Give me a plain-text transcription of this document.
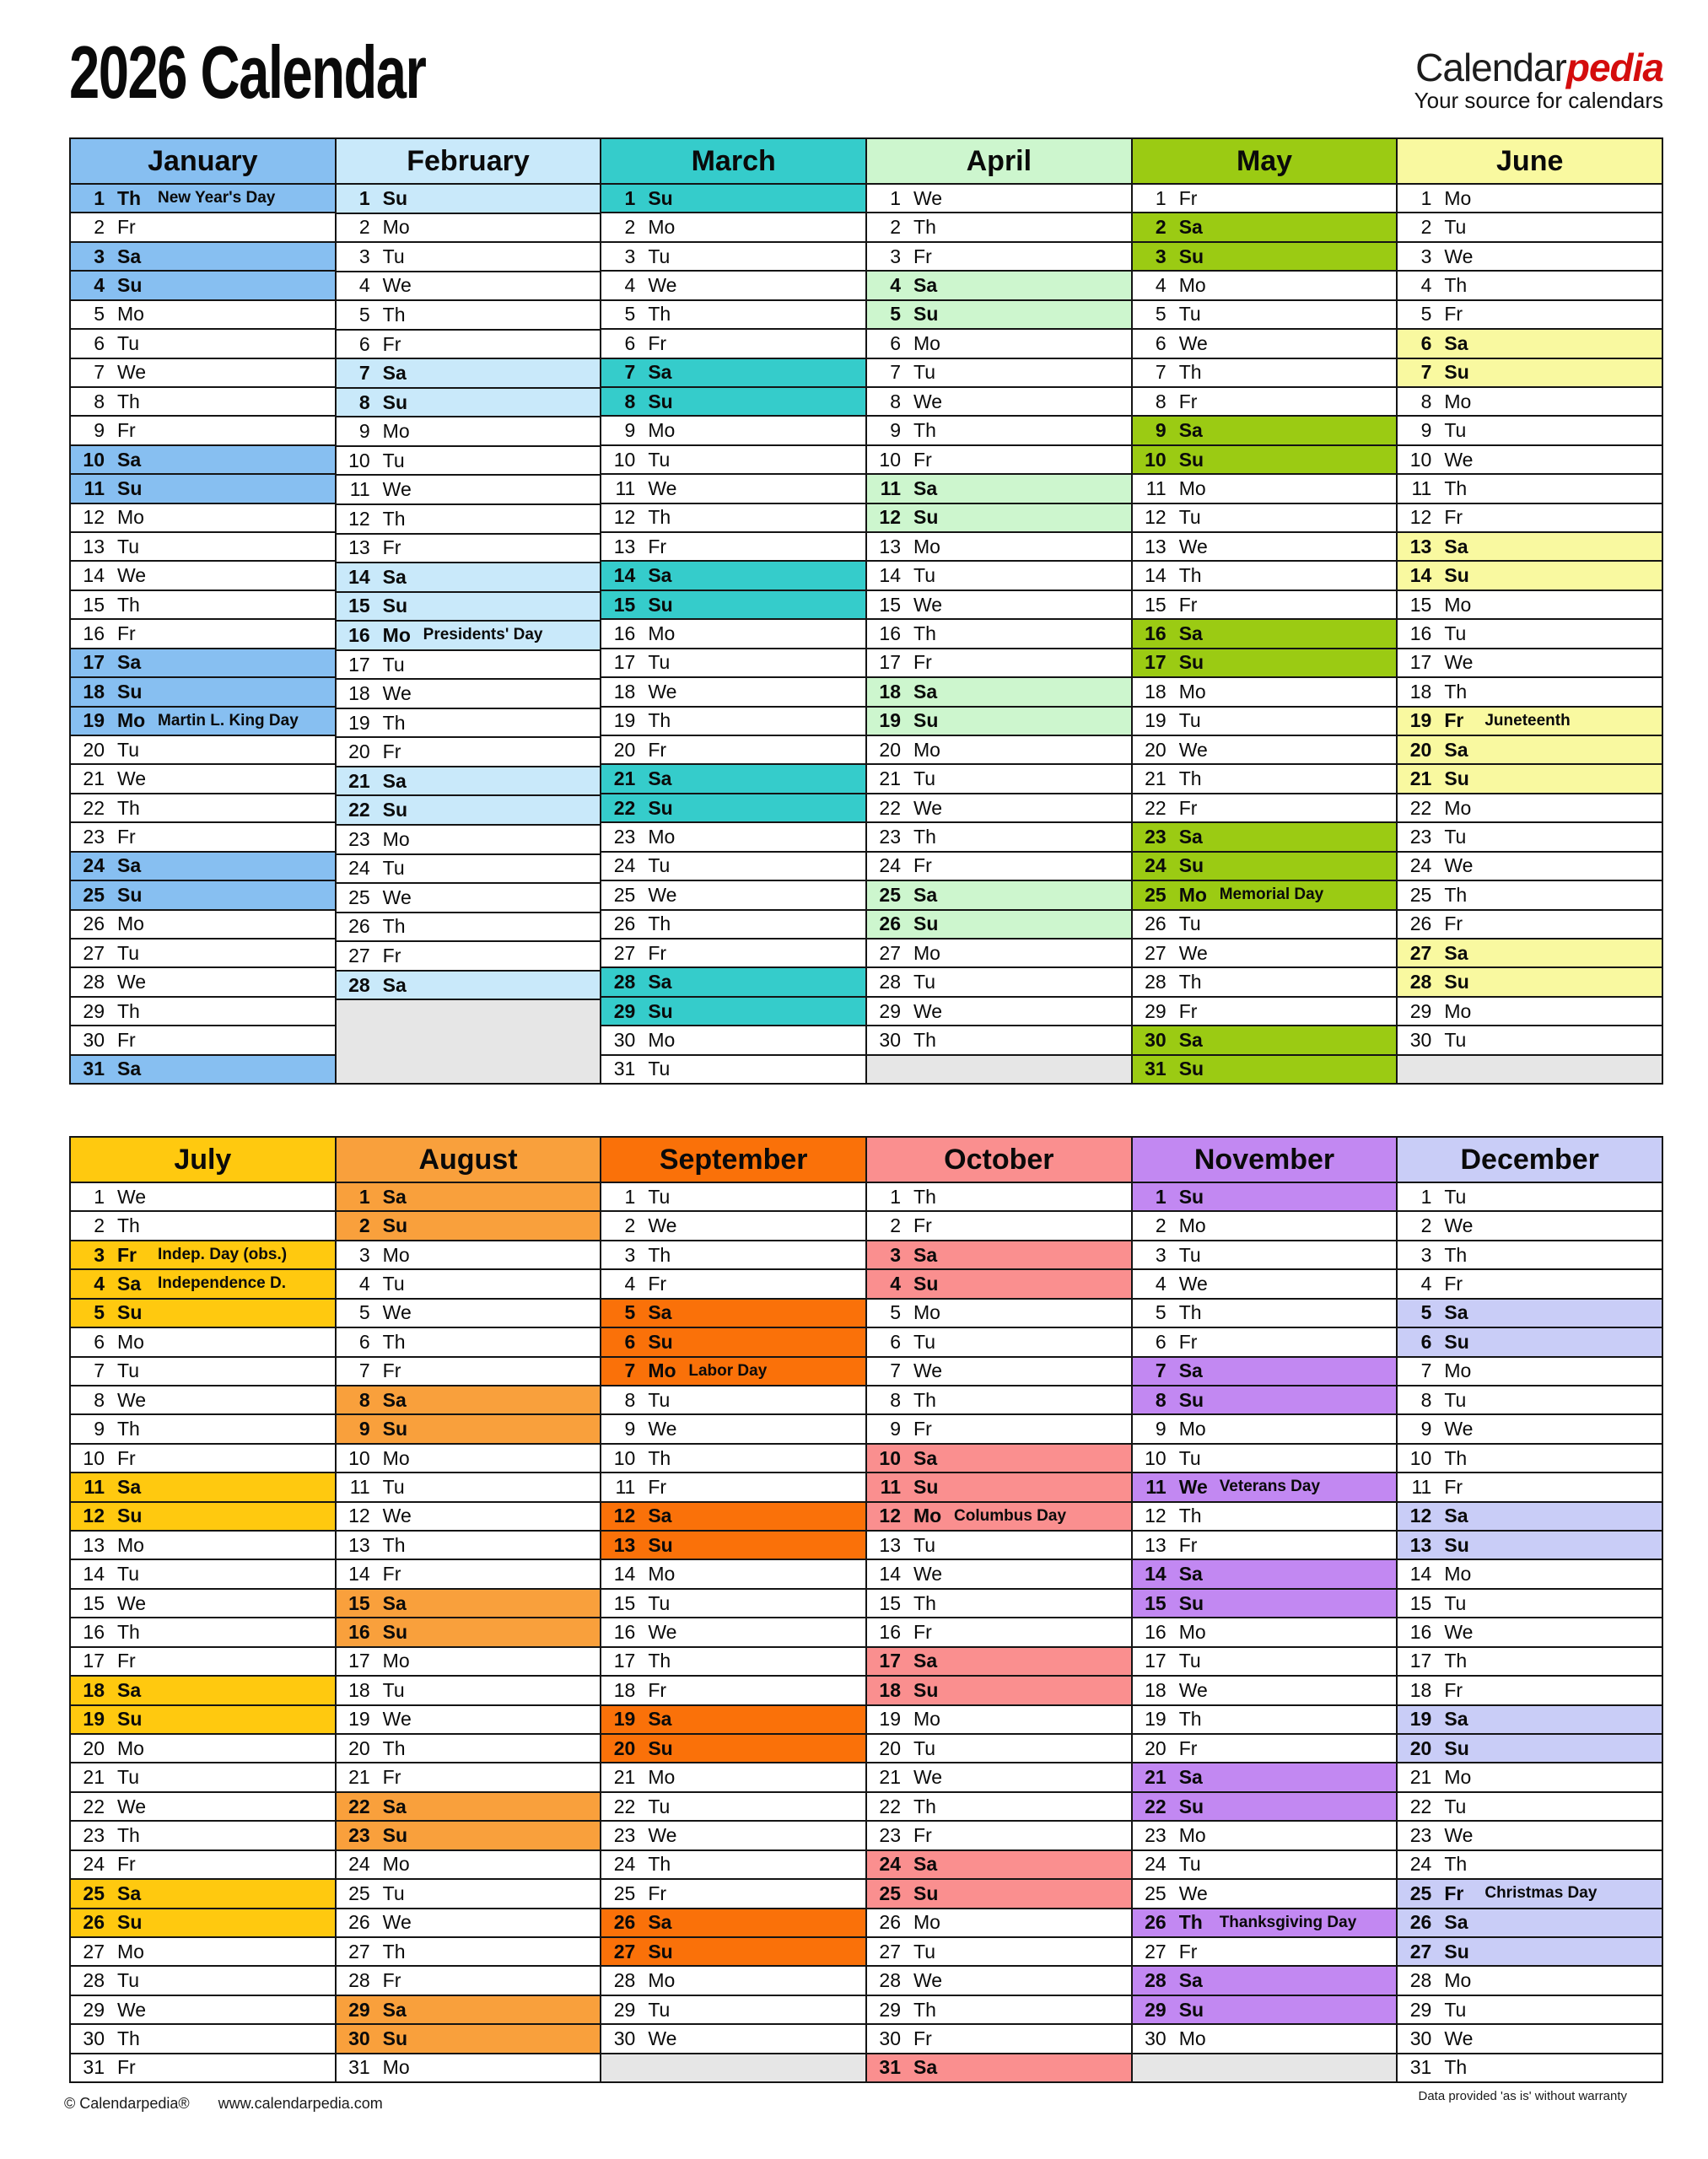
2026 Calendar	Calendarpedia
Your source for calendars
January
1 Th	New Year's Day
2 Fr
3 Sa
4 Su
5 Mo
6 Tu
7 We
8 Th
9 Fr
10 Sa
11 Su
12 Mo
13 Tu
14 We
15 Th
16 Fr
17 Sa
18 Su
19 Mo Martin L. King Day
20 Tu
21 We
22 Th
23 Fr
24 Sa
25 Su
26 Mo
27 Tu
28 We
29 Th
30 Fr
31 Sa
February
1 Su
2 Mo
3 Tu
4 We
5 Th
6 Fr
7 Sa
8 Su
9 Mo
10 Tu
11 We
12 Th
13 Fr
14 Sa
15 Su
16 Mo Presidents' Day
17 Tu
18 We
19 Th
20 Fr
21 Sa
22 Su
23 Mo
24 Tu
25 We
26 Th
27 Fr
28 Sa
March
1 Su
2 Mo
3 Tu
4 We
5 Th
6 Fr
7 Sa
8 Su
9 Mo
10 Tu
11 We
12 Th
13 Fr
14 Sa
15 Su
16 Mo
17 Tu
18 We
19 Th
20 Fr
21 Sa
22 Su
23 Mo
24 Tu
25 We
26 Th
27 Fr
28 Sa
29 Su
30 Mo
31 Tu
April
1 We
2 Th
3 Fr
4 Sa
5 Su
6 Mo
7 Tu
8 We
9 Th
10 Fr
11 Sa
12 Su
13 Mo
14 Tu
15 We
16 Th
17 Fr
18 Sa
19 Su
20 Mo
21 Tu
22 We
23 Th
24 Fr
25 Sa
26 Su
27 Mo
28 Tu
29 We
30 Th
May
1 Fr
2 Sa
3 Su
4 Mo
5 Tu
6 We
7 Th
8 Fr
9 Sa
10 Su
11 Mo
12 Tu
13 We
14 Th
15 Fr
16 Sa
17 Su
18 Mo
19 Tu
20 We
21 Th
22 Fr
23 Sa
24 Su
25 Mo Memorial Day
26 Tu
27 We
28 Th
29 Fr
30 Sa
31 Su
June
1 Mo
2 Tu
3 We
4 Th
5 Fr
6 Sa
7 Su
8 Mo
9 Tu
10 We
11 Th
12 Fr
13 Sa
14 Su
15 Mo
16 Tu
17 We
18 Th
19 Fr	Juneteenth
20 Sa
21 Su
22 Mo
23 Tu
24 We
25 Th
26 Fr
27 Sa
28 Su
29 Mo
30 Tu
July
1 We
2 Th
3 Fr	Indep. Day (obs.)
4 Sa	Independence D.
5 Su
6 Mo
7 Tu
8 We
9 Th
10 Fr
11 Sa
12 Su
13 Mo
14 Tu
15 We
16 Th
17 Fr
18 Sa
19 Su
20 Mo
21 Tu
22 We
23 Th
24 Fr
25 Sa
26 Su
27 Mo
28 Tu
29 We
30 Th
31 Fr
August
1 Sa
2 Su
3 Mo
4 Tu
5 We
6 Th
7 Fr
8 Sa
9 Su
10 Mo
11 Tu
12 We
13 Th
14 Fr
15 Sa
16 Su
17 Mo
18 Tu
19 We
20 Th
21 Fr
22 Sa
23 Su
24 Mo
25 Tu
26 We
27 Th
28 Fr
29 Sa
30 Su
31 Mo
September
1 Tu
2 We
3 Th
4 Fr
5 Sa
6 Su
7 Mo Labor Day
8 Tu
9 We
10 Th
11 Fr
12 Sa
13 Su
14 Mo
15 Tu
16 We
17 Th
18 Fr
19 Sa
20 Su
21 Mo
22 Tu
23 We
24 Th
25 Fr
26 Sa
27 Su
28 Mo
29 Tu
30 We
October
1 Th
2 Fr
3 Sa
4 Su
5 Mo
6 Tu
7 We
8 Th
9 Fr
10 Sa
11 Su
12 Mo Columbus Day
13 Tu
14 We
15 Th
16 Fr
17 Sa
18 Su
19 Mo
20 Tu
21 We
22 Th
23 Fr
24 Sa
25 Su
26 Mo
27 Tu
28 We
29 Th
30 Fr
31 Sa
November
1 Su
2 Mo
3 Tu
4 We
5 Th
6 Fr
7 Sa
8 Su
9 Mo
10 Tu
11 We Veterans Day
12 Th
13 Fr
14 Sa
15 Su
16 Mo
17 Tu
18 We
19 Th
20 Fr
21 Sa
22 Su
23 Mo
24 Tu
25 We
26 Th	Thanksgiving Day
27 Fr
28 Sa
29 Su
30 Mo
December
1 Tu
2 We
3 Th
4 Fr
5 Sa
6 Su
7 Mo
8 Tu
9 We
10 Th
11 Fr
12 Sa
13 Su
14 Mo
15 Tu
16 We
17 Th
18 Fr
19 Sa
20 Su
21 Mo
22 Tu
23 We
24 Th
25 Fr	Christmas Day
26 Sa
27 Su
28 Mo
29 Tu
30 We
31 Th
© Calendarpedia® www.calendarpedia.com	Data provided 'as is' without warranty
